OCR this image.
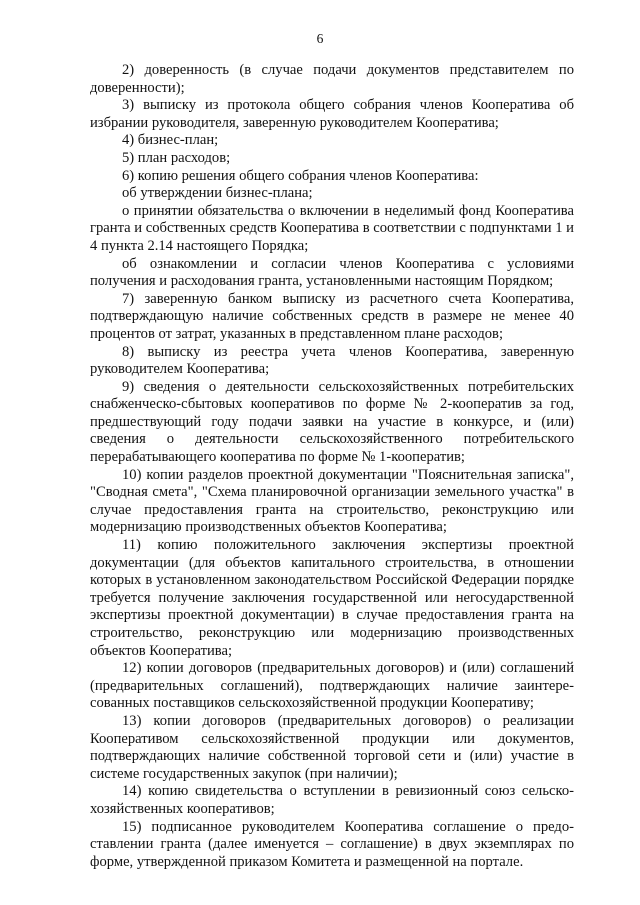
6

2) доверенность (в случае подачи документов представителем по доверенности);

3) выписку из протокола общего собрания членов Кооператива об избрании руководителя, заверенную руководителем Кооператива;

4) бизнес-план;

5) план расходов;

6) копию решения общего собрания членов Кооператива:

об утверждении бизнес-плана;

о принятии обязательства о включении в неделимый фонд Кооператива гранта и собственных средств Кооператива в соответствии с подпунктами 1 и 4 пункта 2.14 настоящего Порядка;

об ознакомлении и согласии членов Кооператива с условиями получения и расходования гранта, установленными настоящим Порядком;

7) заверенную банком выписку из расчетного счета Кооператива, подтверждающую наличие собственных средств в размере не менее 40 процентов от затрат, указанных в представленном плане расходов;

8) выписку из реестра учета членов Кооператива, заверенную руководителем Кооператива;

9) сведения о деятельности сельскохозяйственных потребительских снабженческо-сбытовых кооперативов по форме № 2-кооператив за год, предшествующий году подачи заявки на участие в конкурсе, и (или) сведения о деятельности сельскохозяйственного потребительского перерабатывающего кооператива по форме № 1-кооператив;

10) копии разделов проектной документации "Пояснительная записка", "Сводная смета", "Схема планировочной организации земельного участка" в случае предоставления гранта на строительство, реконструкцию или модернизацию производственных объектов Кооператива;

11) копию положительного заключения экспертизы проектной документации (для объектов капитального строительства, в отношении которых в установленном законодательством Российской Федерации порядке требуется получение заключения государственной или негосударственной экспертизы проектной документации) в случае предоставления гранта на строительство, реконструкцию или модернизацию производственных объектов Кооператива;

12) копии договоров (предварительных договоров) и (или) соглашений (предварительных соглашений), подтверждающих наличие заинтересованных поставщиков сельскохозяйственной продукции Кооперативу;

13) копии договоров (предварительных договоров) о реализации Кооперативом сельскохозяйственной продукции или документов, подтверждающих наличие собственной торговой сети и (или) участие в системе государственных закупок (при наличии);

14) копию свидетельства о вступлении в ревизионный союз сельскохозяйственных кооперативов;

15) подписанное руководителем Кооператива соглашение о предоставлении гранта (далее именуется – соглашение) в двух экземплярах по форме, утвержденной приказом Комитета и размещенной на портале.
